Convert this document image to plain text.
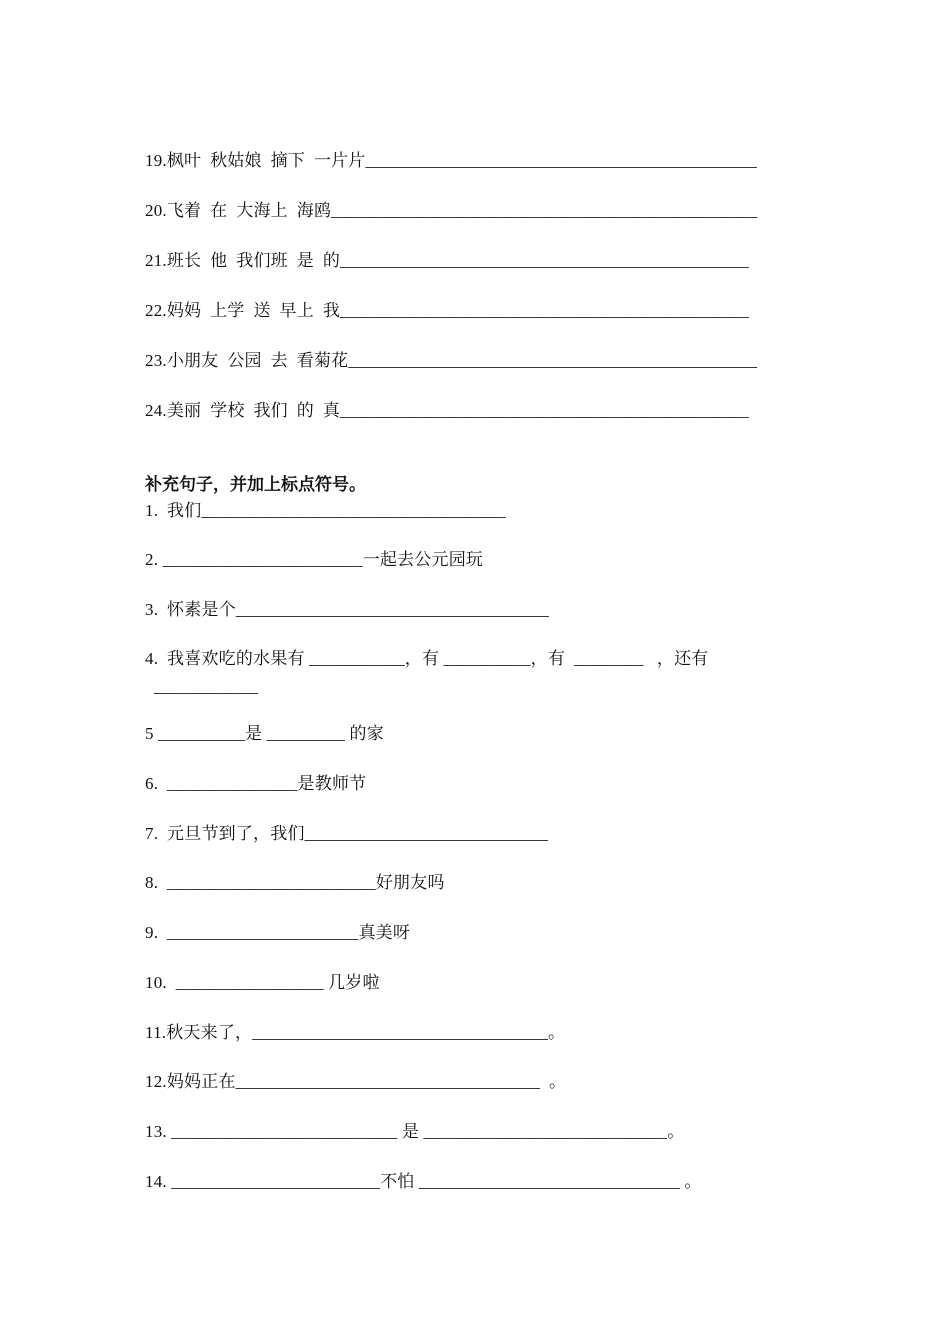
19.枫叶  秋姑娘  摘下  一片片_____________________________________________
20.飞着  在  大海上  海鸥_________________________________________________
21.班长  他  我们班  是  的_______________________________________________
22.妈妈  上学  送  早上  我_______________________________________________
23.小朋友  公园  去  看菊花_______________________________________________
24.美丽  学校  我们  的  真_______________________________________________
补充句子，并加上标点符号。
1.  我们___________________________________
2. _______________________一起去公元园玩
3.  怀素是个____________________________________
4.  我喜欢吃的水果有 ___________，有 __________，有  ________   ，还有
____________
5 __________是 _________ 的家
6.  _______________是教师节
7.  元旦节到了，我们____________________________
8.  ________________________好朋友吗
9.  ______________________真美呀
10.  _________________ 几岁啦
11.秋天来了，__________________________________。
12.妈妈正在___________________________________  。
13. __________________________ 是 ____________________________。
14. ________________________不怕 ______________________________ 。
